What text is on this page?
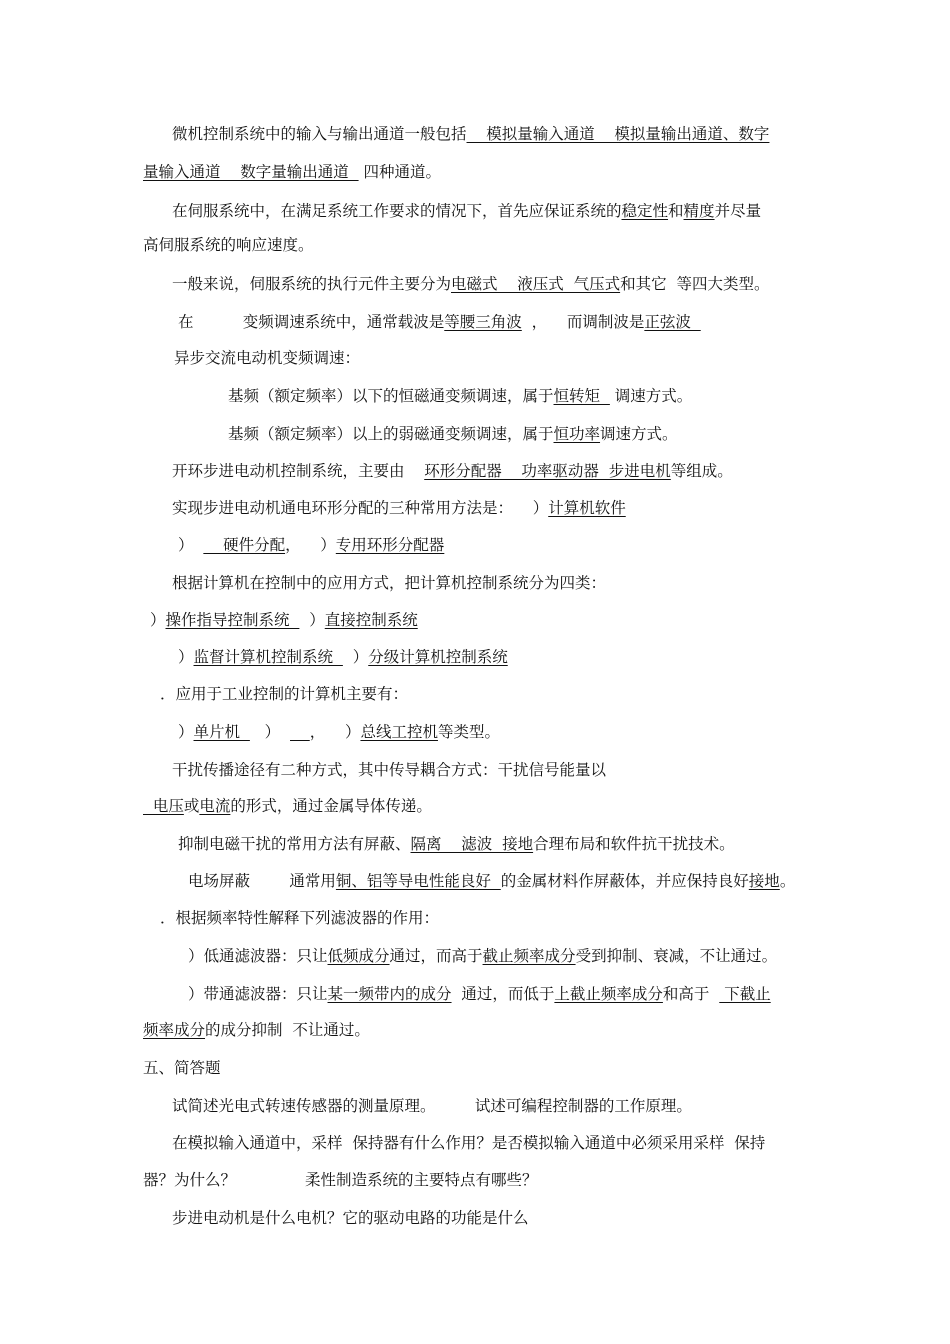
微机控制系统中的输入与输出通道一般包括    模拟量输入通道    模拟量输出通道、数字
量输入通道    数字量输出通道   四种通道。
在伺服系统中，在满足系统工作要求的情况下，首先应保证系统的稳定性和精度并尽量
高伺服系统的响应速度。
一般来说，伺服系统的执行元件主要分为电磁式    液压式  气压式和其它  等四大类型。
在          变频调速系统中，通常载波是等腰三角波  ，    而调制波是正弦波
异步交流电动机变频调速：
基频（额定频率）以下的恒磁通变频调速，属于恒转矩   调速方式。
基频（额定频率）以上的弱磁通变频调速，属于恒功率调速方式。
开环步进电动机控制系统，主要由    环形分配器    功率驱动器  步进电机等组成。
实现步进电动机通电环形分配的三种常用方法是：    ）计算机软件
）      硬件分配，    ）专用环形分配器
根据计算机在控制中的应用方式，把计算机控制系统分为四类：
）操作指导控制系统    ）直接控制系统
）监督计算机控制系统    ）分级计算机控制系统
．应用于工业控制的计算机主要有：
）单片机     ）      ，    ）总线工控机等类型。
干扰传播途径有二种方式，其中传导耦合方式：干扰信号能量以
电压或电流的形式，通过金属导体传递。
抑制电磁干扰的常用方法有屏蔽、隔离    滤波  接地合理布局和软件抗干扰技术。
电场屏蔽        通常用铜、铝等导电性能良好  的金属材料作屏蔽体，并应保持良好接地。
．根据频率特性解释下列滤波器的作用：
）低通滤波器：只让低频成分通过，而高于截止频率成分受到抑制、衰减，不让通过。
）带通滤波器：只让某一频带内的成分  通过，而低于上截止频率成分和高于   下截止
频率成分的成分抑制  不让通过。
五、简答题
试简述光电式转速传感器的测量原理。        试述可编程控制器的工作原理。
在模拟输入通道中，采样  保持器有什么作用？是否模拟输入通道中必须采用采样  保持
器？为什么？              柔性制造系统的主要特点有哪些？
步进电动机是什么电机？它的驱动电路的功能是什么
